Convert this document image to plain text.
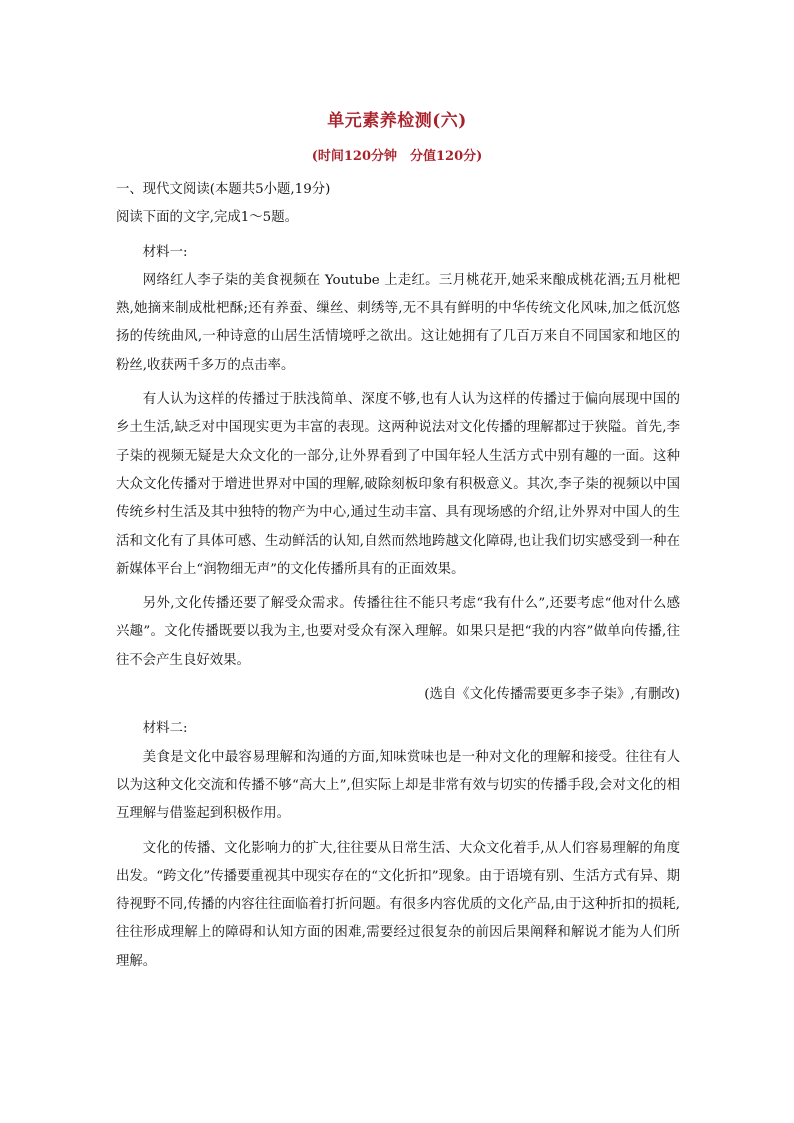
单元素养检测(六)
(时间120分钟　分值120分)
一、现代文阅读(本题共5小题,19分)
阅读下面的文字,完成1～5题。
材料一:
网络红人李子柒的美食视频在 Youtube 上走红。三月桃花开,她采来酿成桃花酒;五月枇杷熟,她摘来制成枇杷酥;还有养蚕、缫丝、刺绣等,无不具有鲜明的中华传统文化风味,加之低沉悠扬的传统曲风,一种诗意的山居生活情境呼之欲出。这让她拥有了几百万来自不同国家和地区的粉丝,收获两千多万的点击率。
有人认为这样的传播过于肤浅简单、深度不够,也有人认为这样的传播过于偏向展现中国的乡土生活,缺乏对中国现实更为丰富的表现。这两种说法对文化传播的理解都过于狭隘。首先,李子柒的视频无疑是大众文化的一部分,让外界看到了中国年轻人生活方式中别有趣的一面。这种大众文化传播对于增进世界对中国的理解,破除刻板印象有积极意义。其次,李子柒的视频以中国传统乡村生活及其中独特的物产为中心,通过生动丰富、具有现场感的介绍,让外界对中国人的生活和文化有了具体可感、生动鲜活的认知,自然而然地跨越文化障碍,也让我们切实感受到一种在新媒体平台上“润物细无声”的文化传播所具有的正面效果。
另外,文化传播还要了解受众需求。传播往往不能只考虑“我有什么”,还要考虑“他对什么感兴趣”。文化传播既要以我为主,也要对受众有深入理解。如果只是把“我的内容”做单向传播,往往不会产生良好效果。
(选自《文化传播需要更多李子柒》,有删改)
材料二:
美食是文化中最容易理解和沟通的方面,知味赏味也是一种对文化的理解和接受。往往有人以为这种文化交流和传播不够“高大上”,但实际上却是非常有效与切实的传播手段,会对文化的相互理解与借鉴起到积极作用。
文化的传播、文化影响力的扩大,往往要从日常生活、大众文化着手,从人们容易理解的角度出发。“跨文化”传播要重视其中现实存在的“文化折扣”现象。由于语境有别、生活方式有异、期待视野不同,传播的内容往往面临着打折问题。有很多内容优质的文化产品,由于这种折扣的损耗,往往形成理解上的障碍和认知方面的困难,需要经过很复杂的前因后果阐释和解说才能为人们所理解。
